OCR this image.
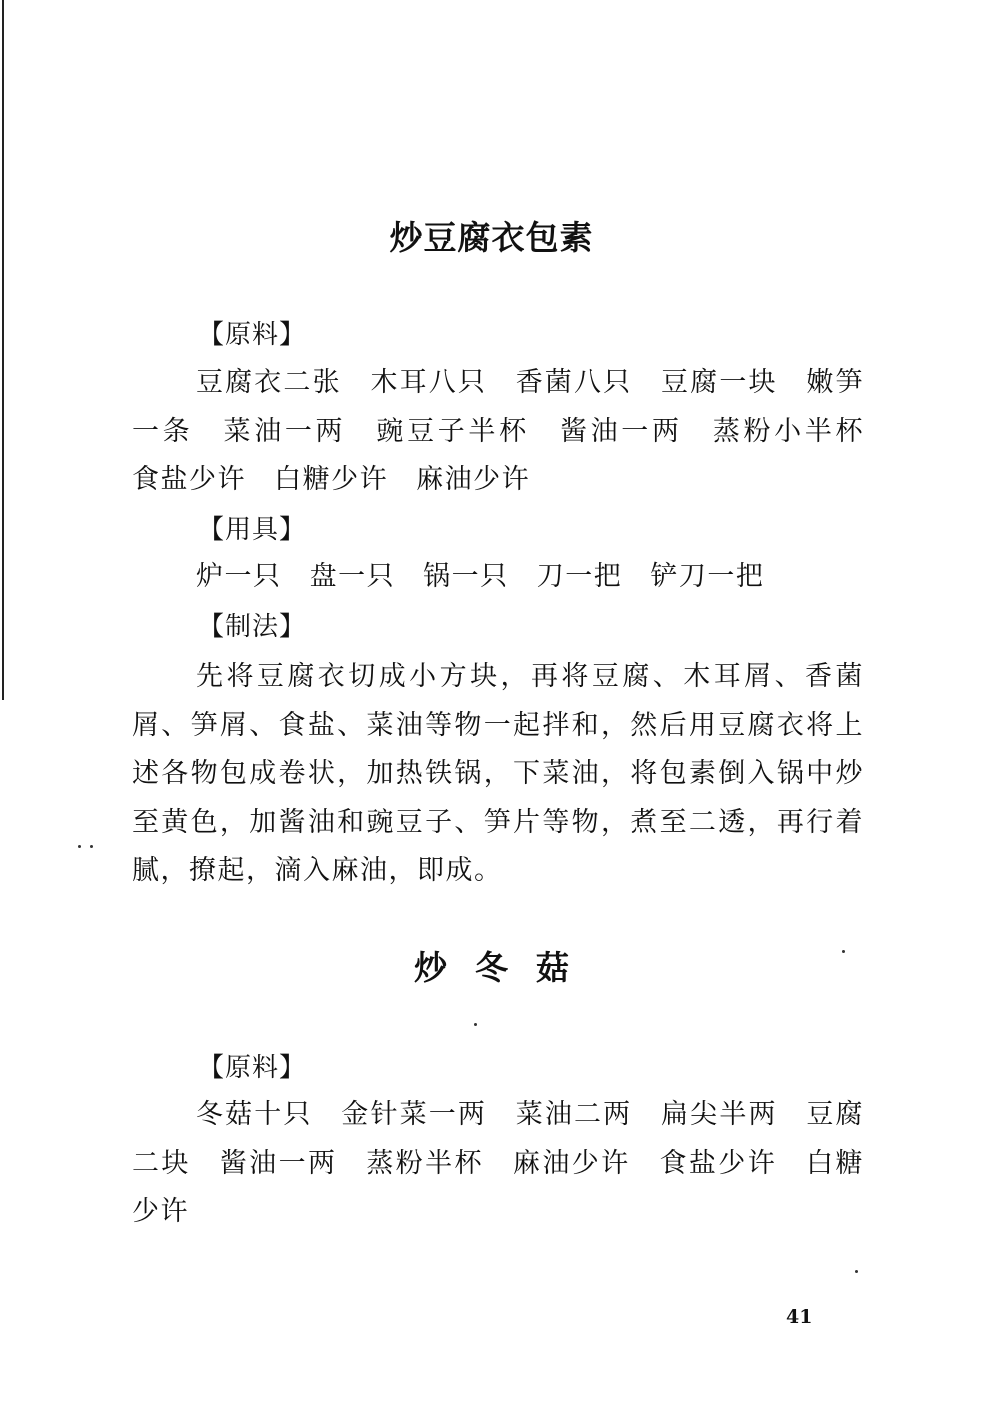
炒豆腐衣包素
【原料】

豆腐衣二张 木耳八只 香菌八只 豆腐一块 嫩笋一条 菜油一两 豌豆子半杯 酱油一两 蒸粉小半杯 食盐少许 白糖少许 麻油少许

【用具】

炉一只 盘一只 锅一只 刀一把 铲刀一把

【制法】

先将豆腐衣切成小方块，再将豆腐、木耳屑、香菌屑、笋屑、食盐、菜油等物一起拌和，然后用豆腐衣将上述各物包成卷状，加热铁锅，下菜油，将包素倒入锅中炒至黄色，加酱油和豌豆子、笋片等物，煮至二透，再行着腻，撩起，滴入麻油，即成。

炒冬菇
【原料】

冬菇十只 金针菜一两 菜油二两 扁尖半两 豆腐二块 酱油一两 蒸粉半杯 麻油少许 食盐少许 白糖少许

41
